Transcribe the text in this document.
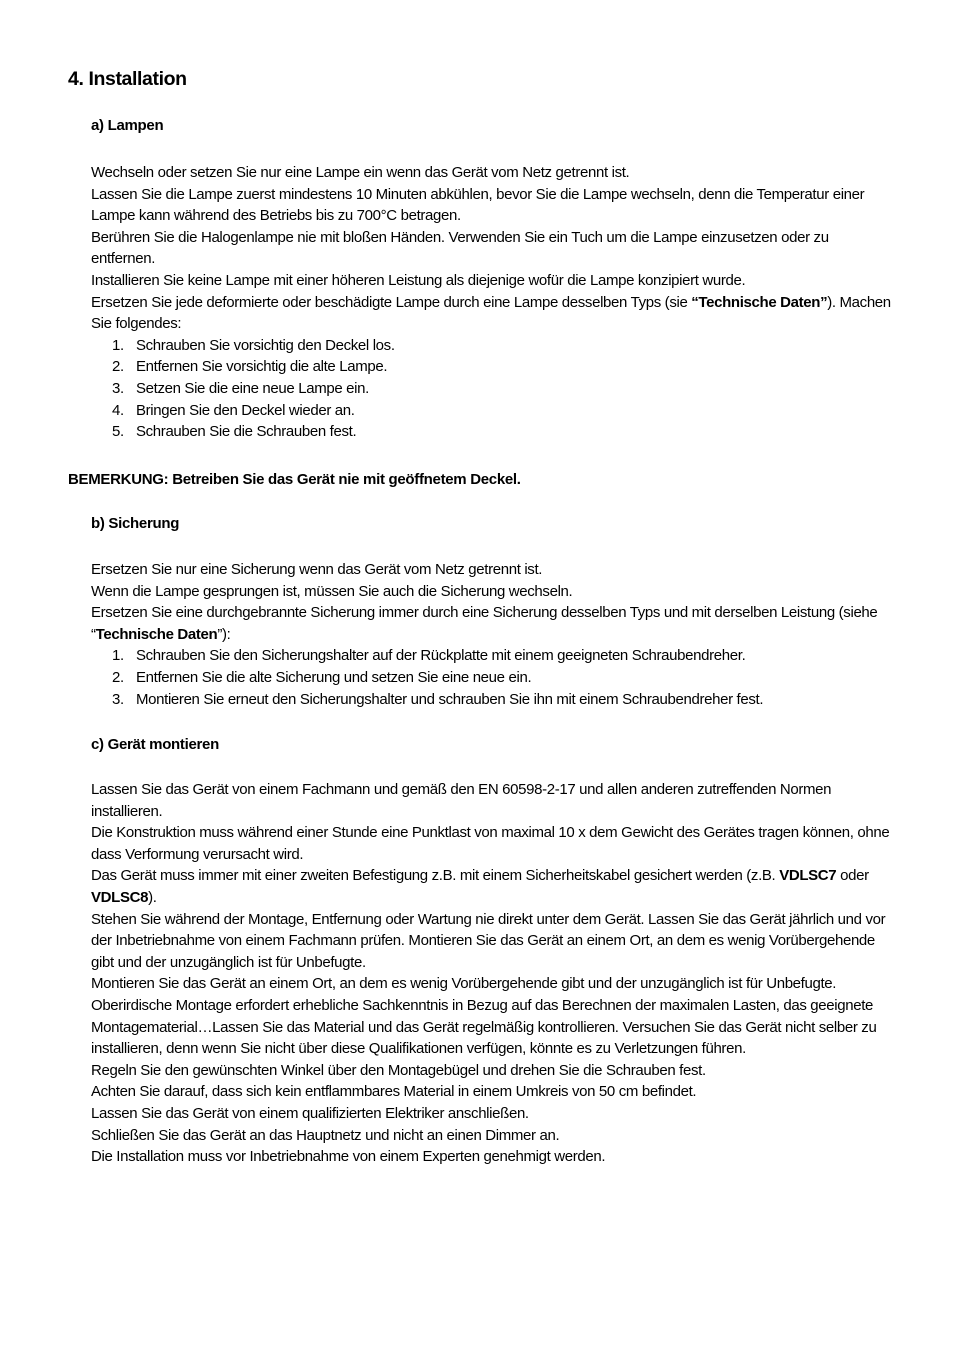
4. Installation
a) Lampen

Wechseln oder setzen Sie nur eine Lampe ein wenn das Gerät vom Netz getrennt ist.

Lassen Sie die Lampe zuerst mindestens 10 Minuten abkühlen, bevor Sie die Lampe wechseln, denn die Temperatur einer Lampe kann während des Betriebs bis zu 700°C betragen.

Berühren Sie die Halogenlampe nie mit bloßen Händen. Verwenden Sie ein Tuch um die Lampe einzusetzen oder zu entfernen.

Installieren Sie keine Lampe mit einer höheren Leistung als diejenige wofür die Lampe konzipiert wurde.

Ersetzen Sie jede deformierte oder beschädigte Lampe durch eine Lampe desselben Typs (sie “Technische Daten”). Machen Sie folgendes:

1. Schrauben Sie vorsichtig den Deckel los.
2. Entfernen Sie vorsichtig die alte Lampe.
3. Setzen Sie die eine neue Lampe ein.
4. Bringen Sie den Deckel wieder an.
5. Schrauben Sie die Schrauben fest.
BEMERKUNG: Betreiben Sie das Gerät nie mit geöffnetem Deckel.
b) Sicherung

Ersetzen Sie nur eine Sicherung wenn das Gerät vom Netz getrennt ist.

Wenn die Lampe gesprungen ist, müssen Sie auch die Sicherung wechseln.

Ersetzen Sie eine durchgebrannte Sicherung immer durch eine Sicherung desselben Typs und mit derselben Leistung (siehe “Technische Daten”):

1. Schrauben Sie den Sicherungshalter auf der Rückplatte mit einem geeigneten Schraubendreher.
2. Entfernen Sie die alte Sicherung und setzen Sie eine neue ein.
3. Montieren Sie erneut den Sicherungshalter und schrauben Sie ihn mit einem Schraubendreher fest.
c) Gerät montieren

Lassen Sie das Gerät von einem Fachmann und gemäß den EN 60598-2-17 und allen anderen zutreffenden Normen installieren.

Die Konstruktion muss während einer Stunde eine Punktlast von maximal 10 x dem Gewicht des Gerätes tragen können, ohne dass Verformung verursacht wird.

Das Gerät muss immer mit einer zweiten Befestigung z.B. mit einem Sicherheitskabel gesichert werden (z.B. VDLSC7 oder VDLSC8).

Stehen Sie während der Montage, Entfernung oder Wartung nie direkt unter dem Gerät. Lassen Sie das Gerät jährlich und vor der Inbetriebnahme von einem Fachmann prüfen. Montieren Sie das Gerät an einem Ort, an dem es wenig Vorübergehende gibt und der unzugänglich ist für Unbefugte.

Montieren Sie das Gerät an einem Ort, an dem es wenig Vorübergehende gibt und der unzugänglich ist für Unbefugte.

Oberirdische Montage erfordert erhebliche Sachkenntnis in Bezug auf das Berechnen der maximalen Lasten, das geeignete Montagematerial…Lassen Sie das Material und das Gerät regelmäßig kontrollieren. Versuchen Sie das Gerät nicht selber zu installieren, denn wenn Sie nicht über diese Qualifikationen verfügen, könnte es zu Verletzungen führen.

Regeln Sie den gewünschten Winkel über den Montagebügel und drehen Sie die Schrauben fest.

Achten Sie darauf, dass sich kein entflammbares Material in einem Umkreis von 50 cm befindet.

Lassen Sie das Gerät von einem qualifizierten Elektriker anschließen.

Schließen Sie das Gerät an das Hauptnetz und nicht an einen Dimmer an.

Die Installation muss vor Inbetriebnahme von einem Experten genehmigt werden.
